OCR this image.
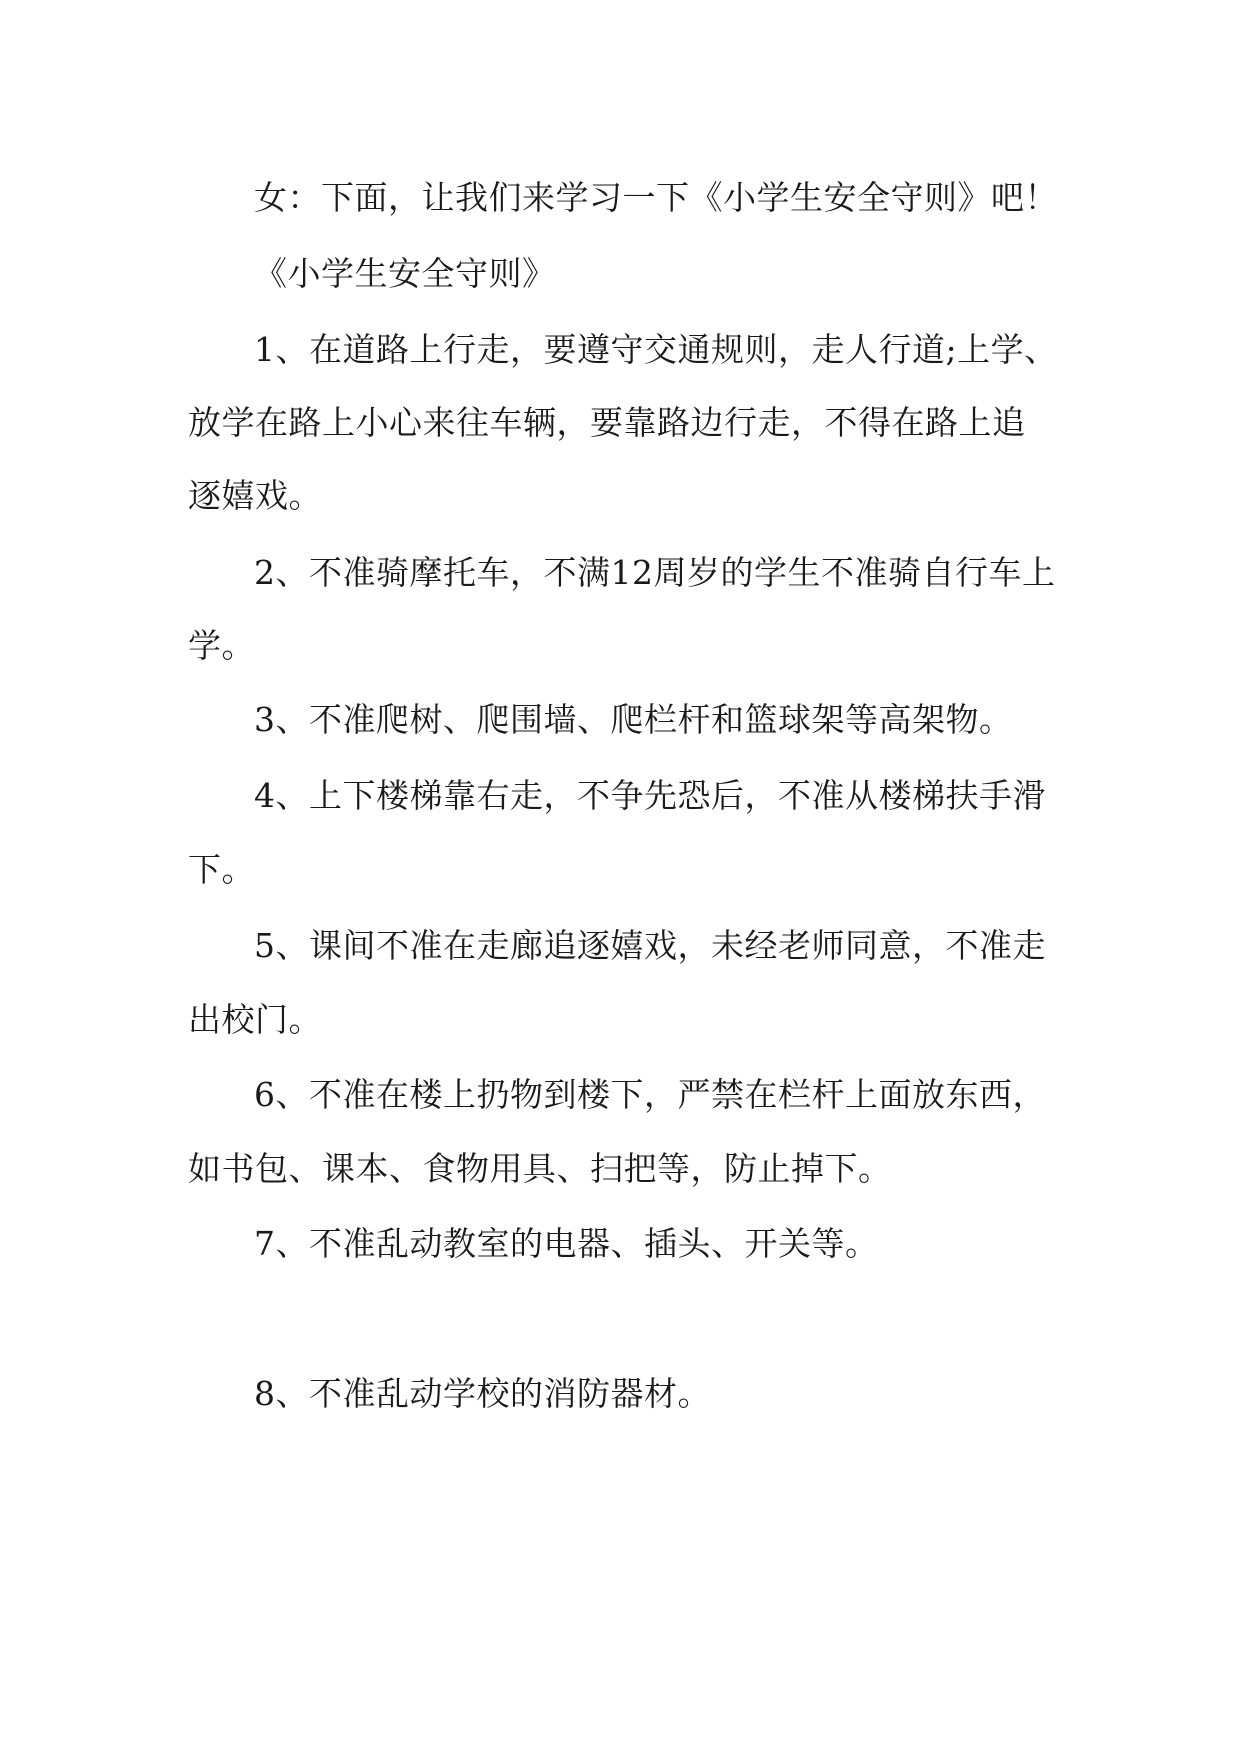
女：下面，让我们来学习一下《小学生安全守则》吧！
《小学生安全守则》
1、在道路上行走，要遵守交通规则，走人行道;上学、
放学在路上小心来往车辆，要靠路边行走，不得在路上追
逐嬉戏。
2、不准骑摩托车，不满12周岁的学生不准骑自行车上
学。
3、不准爬树、爬围墙、爬栏杆和篮球架等高架物。
4、上下楼梯靠右走，不争先恐后，不准从楼梯扶手滑
下。
5、课间不准在走廊追逐嬉戏，未经老师同意，不准走
出校门。
6、不准在楼上扔物到楼下，严禁在栏杆上面放东西，
如书包、课本、食物用具、扫把等，防止掉下。
7、不准乱动教室的电器、插头、开关等。
8、不准乱动学校的消防器材。
